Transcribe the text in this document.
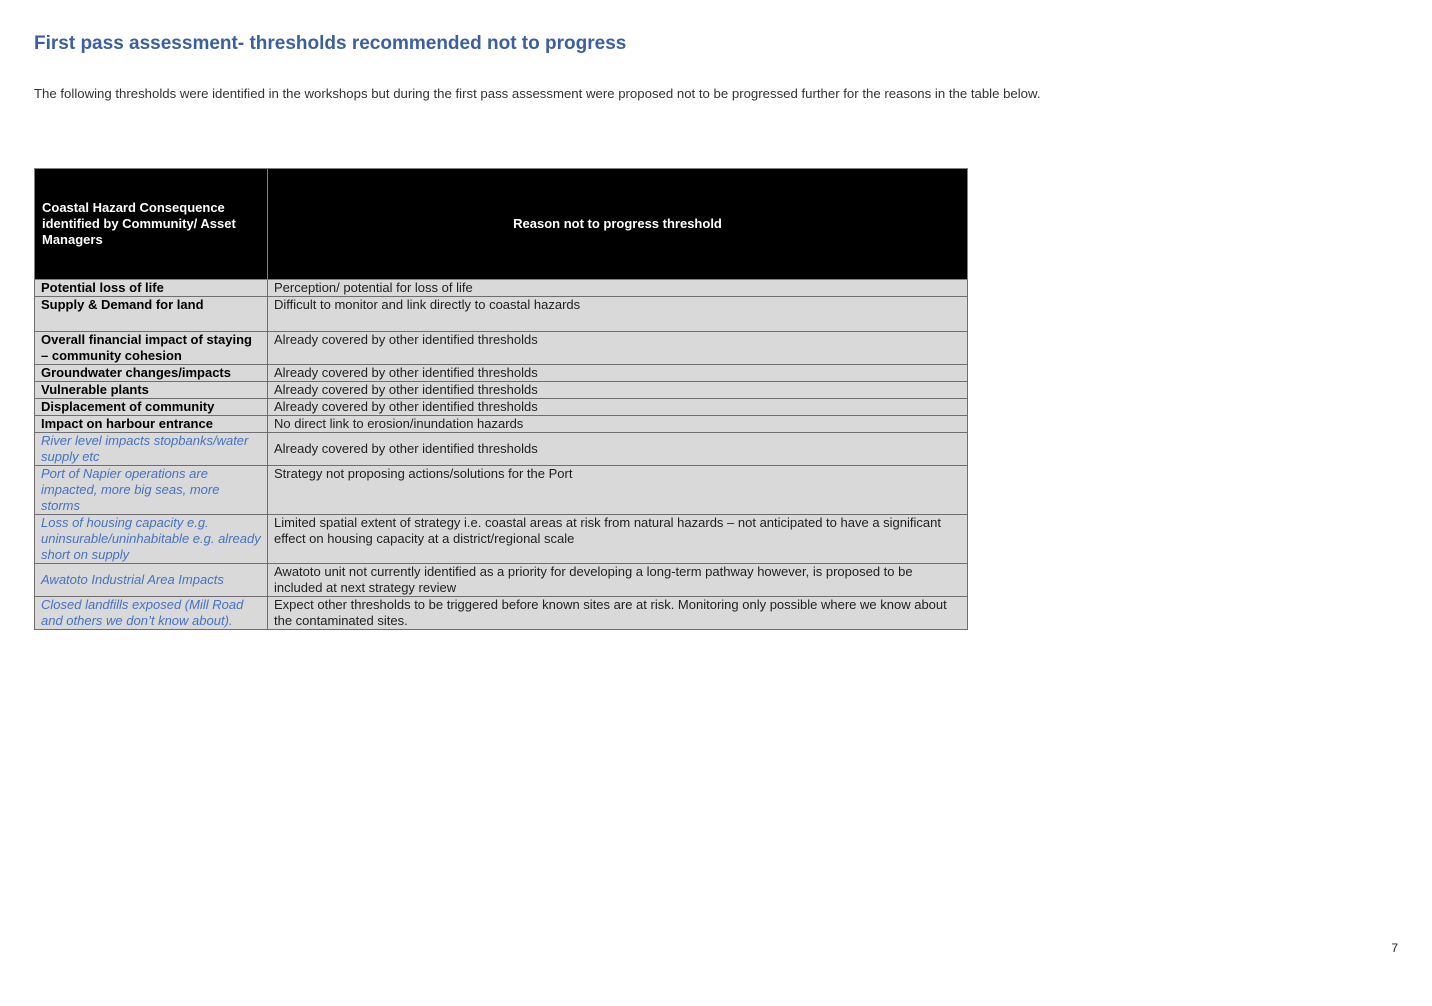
First pass assessment- thresholds recommended not to progress

The following thresholds were identified in the workshops but during the first pass assessment were proposed not to be progressed further for the reasons in the table below.

Coastal Hazard Consequence identified by Community/ Asset Managers	Reason not to progress threshold
Potential loss of life	Perception/ potential for loss of life
Supply & Demand for land	Difficult to monitor and link directly to coastal hazards
Overall financial impact of staying – community cohesion	Already covered by other identified thresholds
Groundwater changes/impacts	Already covered by other identified thresholds
Vulnerable plants	Already covered by other identified thresholds
Displacement of community	Already covered by other identified thresholds
Impact on harbour entrance	No direct link to erosion/inundation hazards
River level impacts stopbanks/water supply etc	Already covered by other identified thresholds
Port of Napier operations are impacted, more big seas, more storms	Strategy not proposing actions/solutions for the Port
Loss of housing capacity e.g. uninsurable/uninhabitable e.g. already short on supply	Limited spatial extent of strategy i.e. coastal areas at risk from natural hazards – not anticipated to have a significant effect on housing capacity at a district/regional scale
Awatoto Industrial Area Impacts	Awatoto unit not currently identified as a priority for developing a long-term pathway however, is proposed to be included at next strategy review
Closed landfills exposed (Mill Road and others we don’t know about).	Expect other thresholds to be triggered before known sites are at risk. Monitoring only possible where we know about the contaminated sites.
7
